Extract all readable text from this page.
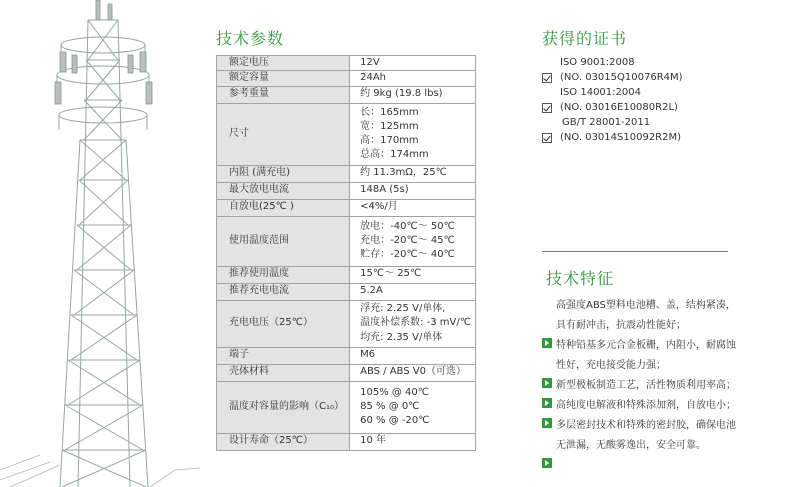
技术参数
额定电压	12V

额定容量	24Ah

参考重量	约 9kg (19.8 lbs)

尺寸	长：165mm
宽：125mm
高：170mm
总高：174mm

内阻 (满充电)	约 11.3mΩ，25℃

最大放电电流	148A (5s)

自放电(25℃ )	<4%/月

使用温度范围	放电：-40℃～ 50℃
充电：-20℃～ 45℃
贮存：-20℃～ 40℃

推荐使用温度	15℃～ 25℃

推荐充电电流	5.2A

充电电压（25℃）	浮充: 2.25 V/单体,
温度补偿系数: -3 mV/℃
均充: 2.35 V/单体

端子	M6

壳体材料	ABS / ABS V0（可选）

温度对容量的影响（C₁₀）	105% @ 40℃
85 % @ 0℃
60 % @ -20℃

设计寿命（25℃）	10 年
获得的证书
ISO 9001:2008
(NO. 03015Q10076R4M)
ISO 14001:2004
(NO. 03016E10080R2L)
GB/T 28001-2011
(NO. 03014S10092R2M)
技术特征
高强度ABS塑料电池槽、盖，结构紧凑，
具有耐冲击，抗震动性能好；
特种铅基多元合金板栅，内阻小，耐腐蚀
性好，充电接受能力强；
新型极板制造工艺，活性物质利用率高；
高纯度电解液和特殊添加剂，自放电小；
多层密封技术和特殊的密封胶，确保电池
无泄漏，无酸雾逸出，安全可靠。
